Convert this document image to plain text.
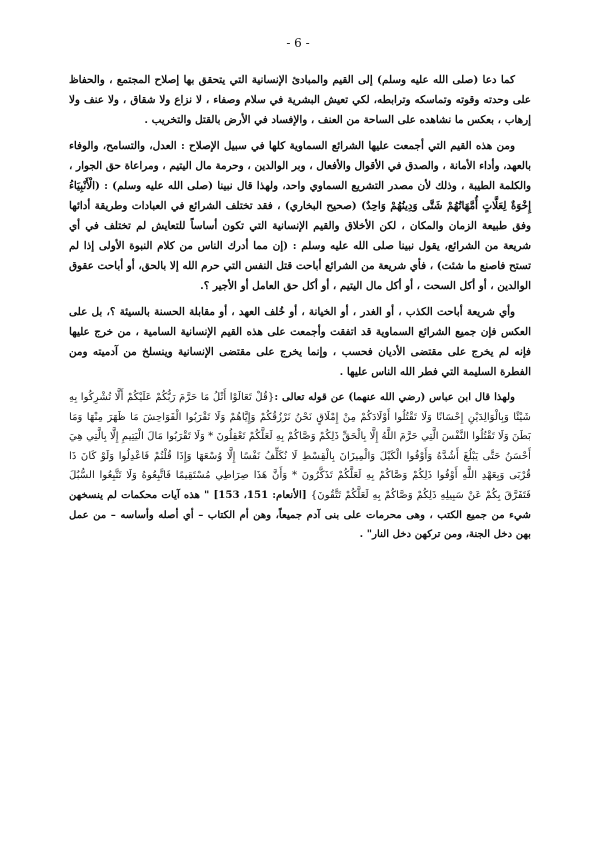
- 6 -

كما دعا (صلى الله عليه وسلم) إلى القيم والمبادئ الإنسانية التي يتحقق بها إصلاح المجتمع ، والحفاظ على وحدته وقوته وتماسكه وترابطه، لكي تعيش البشرية في سلام وصفاء ، لا نزاع ولا شقاق ، ولا عنف ولا إرهاب ، بعكس ما نشاهده على الساحة من العنف ، والإفساد في الأرض بالقتل والتخريب .

ومن هذه القيم التي أجمعت عليها الشرائع السماوية كلها في سبيل الإصلاح : العدل، والتسامح، والوفاء بالعهد، وأداء الأمانة ، والصدق في الأقوال والأفعال ، وبر الوالدين ، وحرمة مال اليتيم ، ومراعاة حق الجوار ، والكلمة الطيبة ، وذلك لأن مصدر التشريع السماوي واحد، ولهذا قال نبينا (صلى الله عليه وسلم) : (الْأَنْبِيَاءُ إِخْوَةٌ لِعَلَّاتٍ أُمَّهَاتُهُمْ شَتَّى وَدِينُهُمْ وَاحِدٌ) (صحيح البخاري) ، فقد تختلف الشرائع في العبادات وطريقة أدائها وفق طبيعة الزمان والمكان ، لكن الأخلاق والقيم الإنسانية التي تكون أساساً للتعايش لم تختلف في أي شريعة من الشرائع، يقول نبينا صلى الله عليه وسلم : (إن مما أدرك الناس من كلام النبوة الأولى إذا لم تستح فاصنع ما شئت) ، فأي شريعة من الشرائع أباحت قتل النفس التي حرم الله إلا بالحق، أو أباحت عقوق الوالدين ، أو أكل السحت ، أو أكل مال اليتيم ، أو أكل حق العامل أو الأجير ؟.

وأي شريعة أباحت الكذب ، أو الغدر ، أو الخيانة ، أو خُلف العهد ، أو مقابلة الحسنة بالسيئة ؟، بل على العكس فإن جميع الشرائع السماوية قد اتفقت وأجمعت على هذه القيم الإنسانية السامية ، من خرج عليها فإنه لم يخرج على مقتضى الأديان فحسب ، وإنما يخرج على مقتضى الإنسانية وينسلخ من آدميته ومن الفطرة السليمة التي فطر الله الناس عليها .

ولهذا قال ابن عباس (رضي الله عنهما) عن قوله تعالى :{قُلْ تَعَالَوْا أَتْلُ مَا حَرَّمَ رَبُّكُمْ عَلَيْكُمْ أَلَّا تُشْرِكُوا بِهِ شَيْئًا وَبِالْوَالِدَيْنِ إِحْسَانًا وَلَا تَقْتُلُوا أَوْلَادَكُمْ مِنْ إِمْلَاقٍ نَحْنُ نَرْزُقُكُمْ وَإِيَّاهُمْ وَلَا تَقْرَبُوا الْفَوَاحِشَ مَا ظَهَرَ مِنْهَا وَمَا بَطَنَ وَلَا تَقْتُلُوا النَّفْسَ الَّتِي حَرَّمَ اللَّهُ إِلَّا بِالْحَقِّ ذَلِكُمْ وَصَّاكُمْ بِهِ لَعَلَّكُمْ تَعْقِلُونَ * وَلَا تَقْرَبُوا مَالَ الْيَتِيمِ إِلَّا بِالَّتِي هِيَ أَحْسَنُ حَتَّى يَبْلُغَ أَشُدَّهُ وَأَوْفُوا الْكَيْلَ وَالْمِيزَانَ بِالْقِسْطِ لَا نُكَلِّفُ نَفْسًا إِلَّا وُسْعَهَا وَإِذَا قُلْتُمْ فَاعْدِلُوا وَلَوْ كَانَ ذَا قُرْبَى وَبِعَهْدِ اللَّهِ أَوْفُوا ذَلِكُمْ وَصَّاكُمْ بِهِ لَعَلَّكُمْ تَذَكَّرُونَ * وَأَنَّ هَذَا صِرَاطِي مُسْتَقِيمًا فَاتَّبِعُوهُ وَلَا تَتَّبِعُوا السُّبُلَ فَتَفَرَّقَ بِكُمْ عَنْ سَبِيلِهِ ذَلِكُمْ وَصَّاكُمْ بِهِ لَعَلَّكُمْ تَتَّقُونَ} [الأنعام: 151، 153] " هذه آيات محكمات لم ينسخهن شيء من جميع الكتب ، وهى محرمات على بنى آدم جميعاً، وهن أم الكتاب – أي أصله وأساسه – من عمل بهن دخل الجنة، ومن تركهن دخل النار" .
